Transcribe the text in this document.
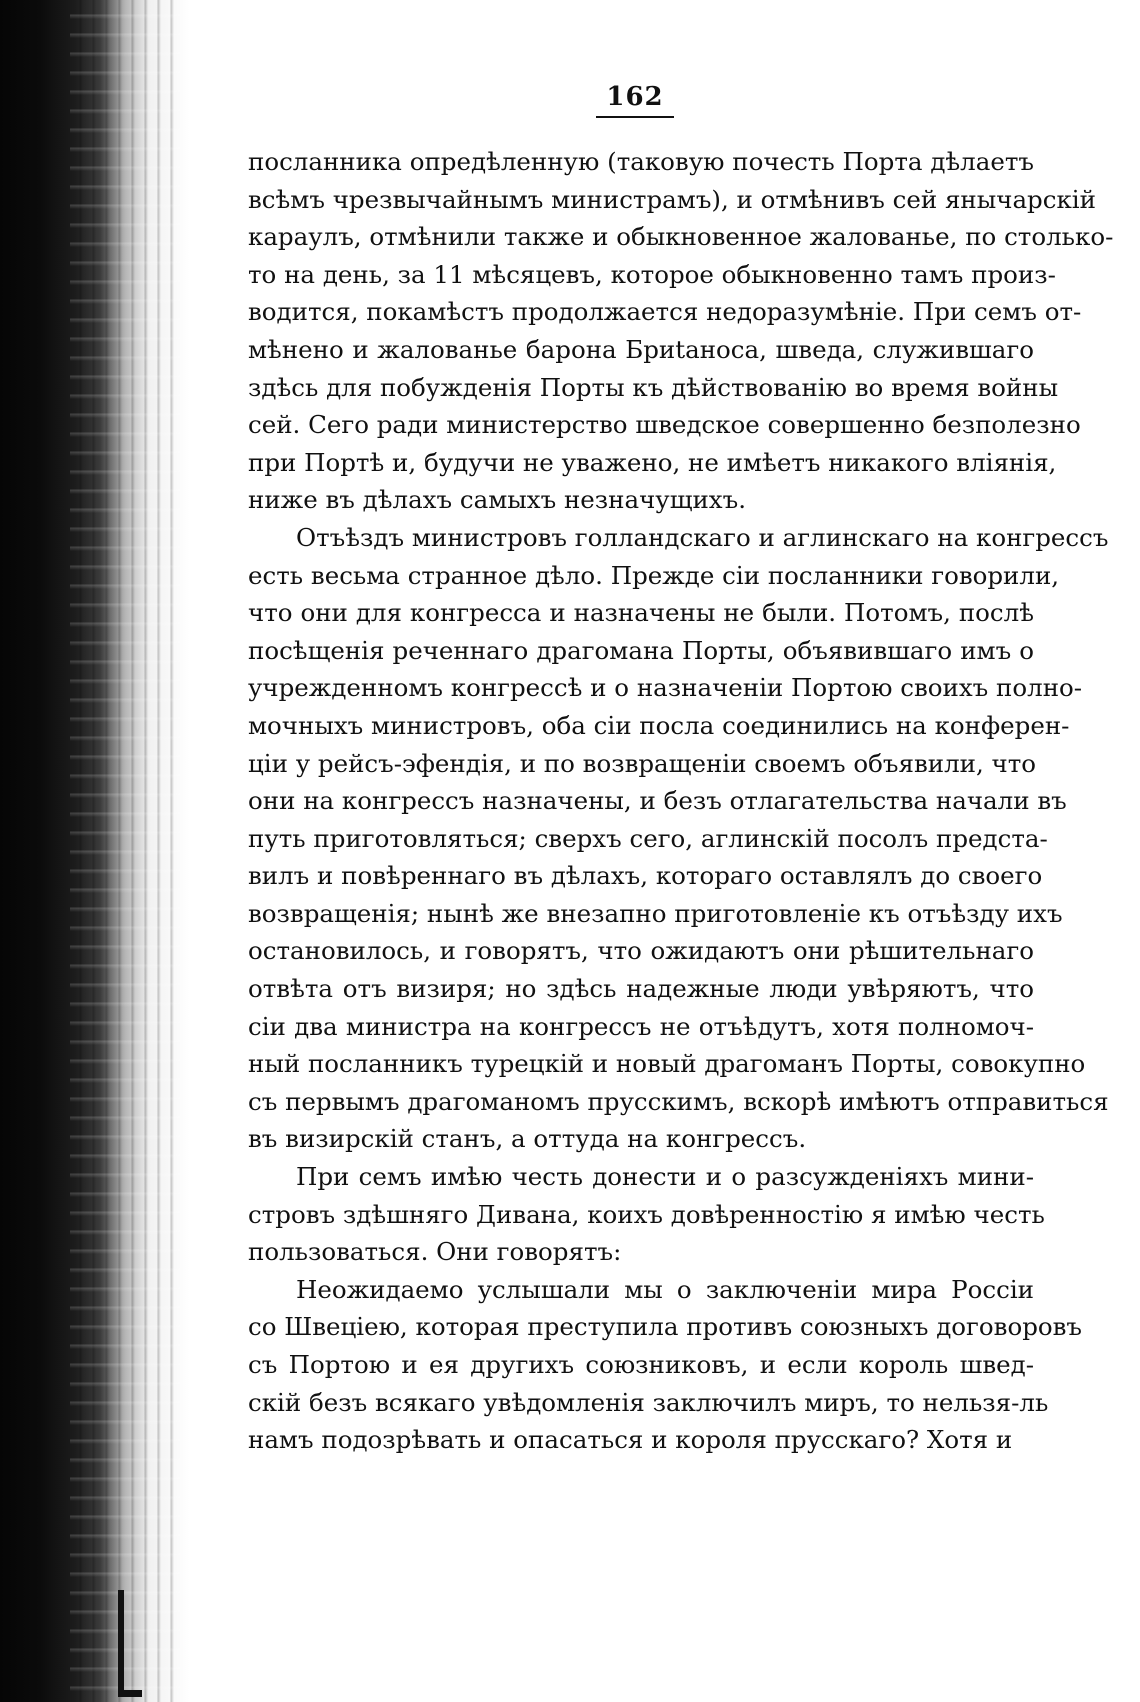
162

посланника опредѣленную (таковую почесть Порта дѣлаетъ
всѣмъ чрезвычайнымъ министрамъ), и отмѣнивъ сей янычарскій
караулъ, отмѣнили также и обыкновенное жалованье, по столько-
то на день, за 11 мѣсяцевъ, которое обыкновенно тамъ произ-
водится, покамѣстъ продолжается недоразумѣніе. При семъ от-
мѣнено и жалованье барона Бриtaноса, шведа, служившаго
здѣсь для побужденія Порты къ дѣйствованію во время войны
сей. Сего ради министерство шведское совершенно безполезно
при Портѣ и, будучи не уважено, не имѣетъ никакого вліянія,
ниже въ дѣлахъ самыхъ незначущихъ.

Отъѣздъ министровъ голландскаго и аглинскаго на конгрессъ
есть весьма странное дѣло. Прежде сіи посланники говорили,
что они для конгресса и назначены не были. Потомъ, послѣ
посѣщенія реченнаго драгомана Порты, объявившаго имъ о
учрежденномъ конгрессѣ и о назначеніи Портою своихъ полно-
мочныхъ министровъ, оба сіи посла соединились на конферен-
ціи у рейсъ-эфендія, и по возвращеніи своемъ объявили, что
они на конгрессъ назначены, и безъ отлагательства начали въ
путь приготовляться; сверхъ сего, аглинскій посолъ предста-
вилъ и повѣреннаго въ дѣлахъ, котораго оставлялъ до своего
возвращенія; нынѣ же внезапно приготовленіе къ отъѣзду ихъ
остановилось, и говорятъ, что ожидаютъ они рѣшительнаго
отвѣта отъ визиря; но здѣсь надежные люди увѣряютъ, что
сіи два министра на конгрессъ не отъѣдутъ, хотя полномоч-
ный посланникъ турецкій и новый драгоманъ Порты, совокупно
съ первымъ драгоманомъ прусскимъ, вскорѣ имѣютъ отправиться
въ визирскій станъ, а оттуда на конгрессъ.

При семъ имѣю честь донести и о разсужденіяхъ мини-
стровъ здѣшняго Дивана, коихъ довѣренностію я имѣю честь
пользоваться. Они говорятъ:

Неожидаемо услышали мы о заключеніи мира Россіи
со Швеціею, которая преступила противъ союзныхъ договоровъ
съ Портою и ея другихъ союзниковъ, и если король швед-
скій безъ всякаго увѣдомленія заключилъ миръ, то нельзя-ль
намъ подозрѣвать и опасаться и короля прусскаго? Хотя и
